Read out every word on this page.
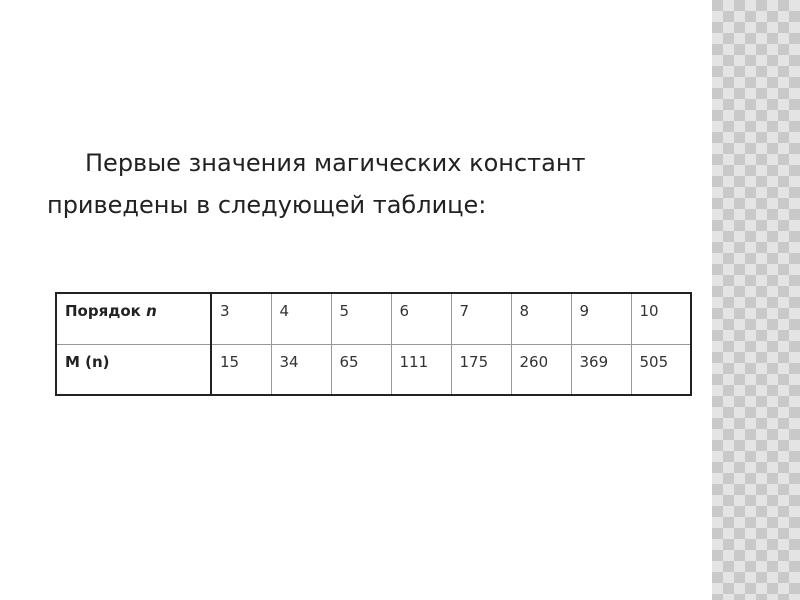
Первые значения магических констант
приведены в следующей таблице:

Порядок n	3	4	5	6	7	8	9	10
M (n)	15	34	65	111	175	260	369	505
